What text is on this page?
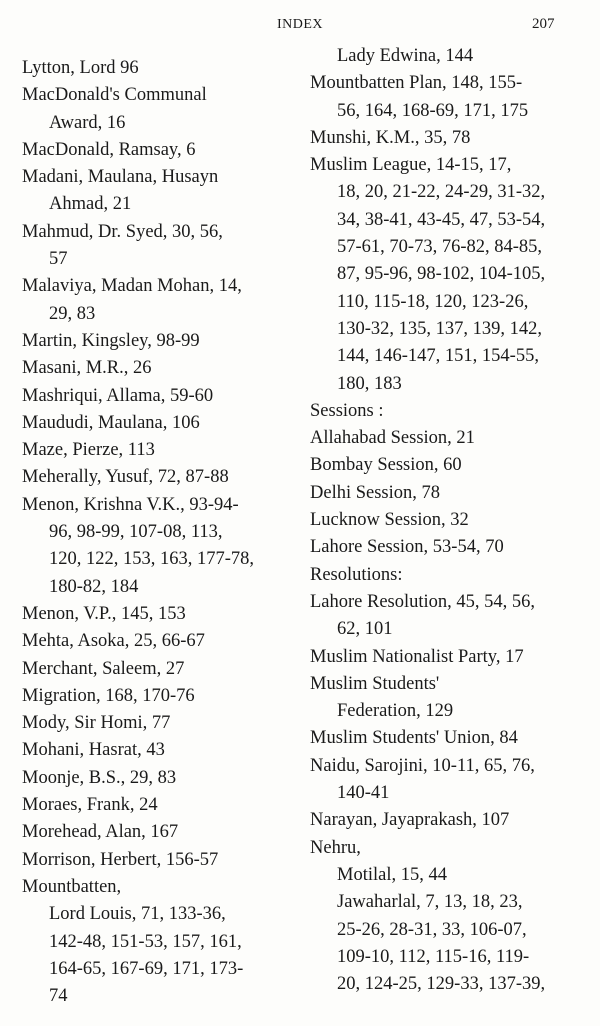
INDEX	207
Lytton, Lord 96
MacDonald's Communal
Award, 16
MacDonald, Ramsay, 6
Madani, Maulana, Husayn
Ahmad, 21
Mahmud, Dr. Syed, 30, 56,
57
Malaviya, Madan Mohan, 14,
29, 83
Martin, Kingsley, 98-99
Masani, M.R., 26
Mashriqui, Allama, 59-60
Maududi, Maulana, 106
Maze, Pierze, 113
Meherally, Yusuf, 72, 87-88
Menon, Krishna V.K., 93-94-
96, 98-99, 107-08, 113,
120, 122, 153, 163, 177-78,
180-82, 184
Menon, V.P., 145, 153
Mehta, Asoka, 25, 66-67
Merchant, Saleem, 27
Migration, 168, 170-76
Mody, Sir Homi, 77
Mohani, Hasrat, 43
Moonje, B.S., 29, 83
Moraes, Frank, 24
Morehead, Alan, 167
Morrison, Herbert, 156-57
Mountbatten,
Lord Louis, 71, 133-36,
142-48, 151-53, 157, 161,
164-65, 167-69, 171, 173-
74
Lady Edwina, 144
Mountbatten Plan, 148, 155-
56, 164, 168-69, 171, 175
Munshi, K.M., 35, 78
Muslim League, 14-15, 17,
18, 20, 21-22, 24-29, 31-32,
34, 38-41, 43-45, 47, 53-54,
57-61, 70-73, 76-82, 84-85,
87, 95-96, 98-102, 104-105,
110, 115-18, 120, 123-26,
130-32, 135, 137, 139, 142,
144, 146-147, 151, 154-55,
180, 183
Sessions :
Allahabad Session, 21
Bombay Session, 60
Delhi Session, 78
Lucknow Session, 32
Lahore Session, 53-54, 70
Resolutions:
Lahore Resolution, 45, 54, 56,
62, 101
Muslim Nationalist Party, 17
Muslim Students'
Federation, 129
Muslim Students' Union, 84
Naidu, Sarojini, 10-11, 65, 76,
140-41
Narayan, Jayaprakash, 107
Nehru,
Motilal, 15, 44
Jawaharlal, 7, 13, 18, 23,
25-26, 28-31, 33, 106-07,
109-10, 112, 115-16, 119-
20, 124-25, 129-33, 137-39,
